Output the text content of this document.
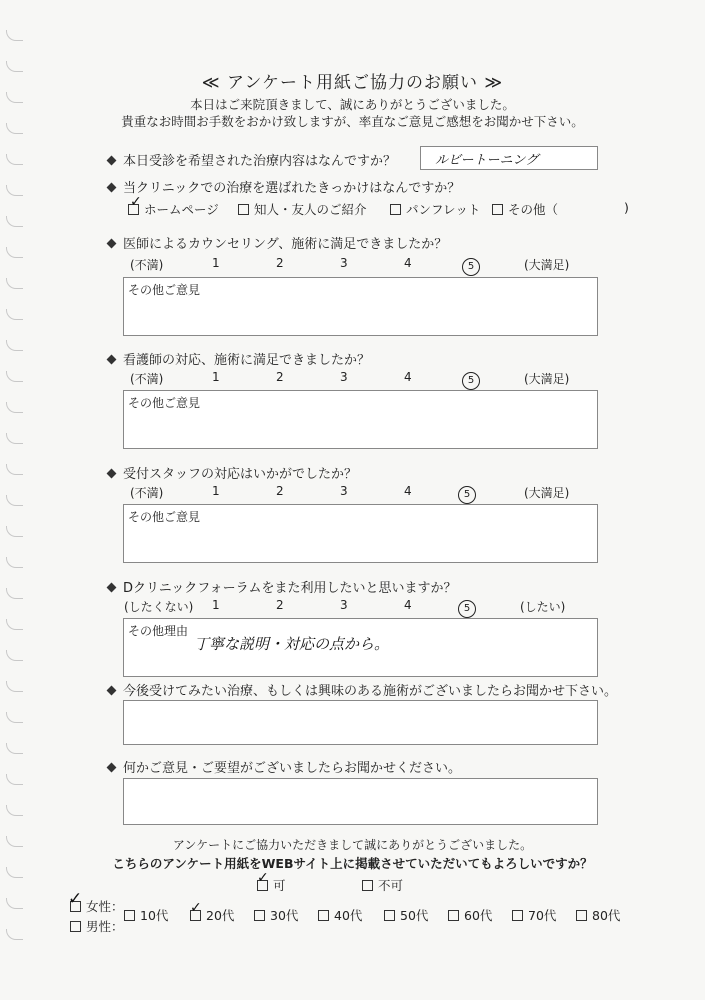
≪ アンケート用紙ご協力のお願い ≫
本日はご来院頂きまして、誠にありがとうございました。
貴重なお時間お手数をおかけ致しますが、率直なご意見ご感想をお聞かせ下さい。
本日受診を希望された治療内容はなんですか？	ルビートーニング
当クリニックでの治療を選ばれたきっかけはなんですか？
ホームページ
✓	知人・友人のご紹介	パンフレット	その他（	)
医師によるカウンセリング、施術に満足できましたか？
(不満)	1	2	3	4	5	(大満足)
その他ご意見
看護師の対応、施術に満足できましたか？
(不満)	1	2	3	4	5	(大満足)
その他ご意見
受付スタッフの対応はいかがでしたか？
(不満)	1	2	3	4	5	(大満足)
その他ご意見
Dクリニックフォーラムをまた利用したいと思いますか？
(したくない) 1	2	3	4	5	(したい)
その他理由
丁寧な説明・対応の点から。
今後受けてみたい治療、もしくは興味のある施術がございましたらお聞かせ下さい。
何かご意見・ご要望がございましたらお聞かせください。
アンケートにご協力いただきまして誠にありがとうございました。
こちらのアンケート用紙をWEBサイト上に掲載させていただいてもよろしいですか？
可
✓	不可
女性：
✓
男性：
10代	20代
✓	30代	40代	50代	60代	70代	80代
